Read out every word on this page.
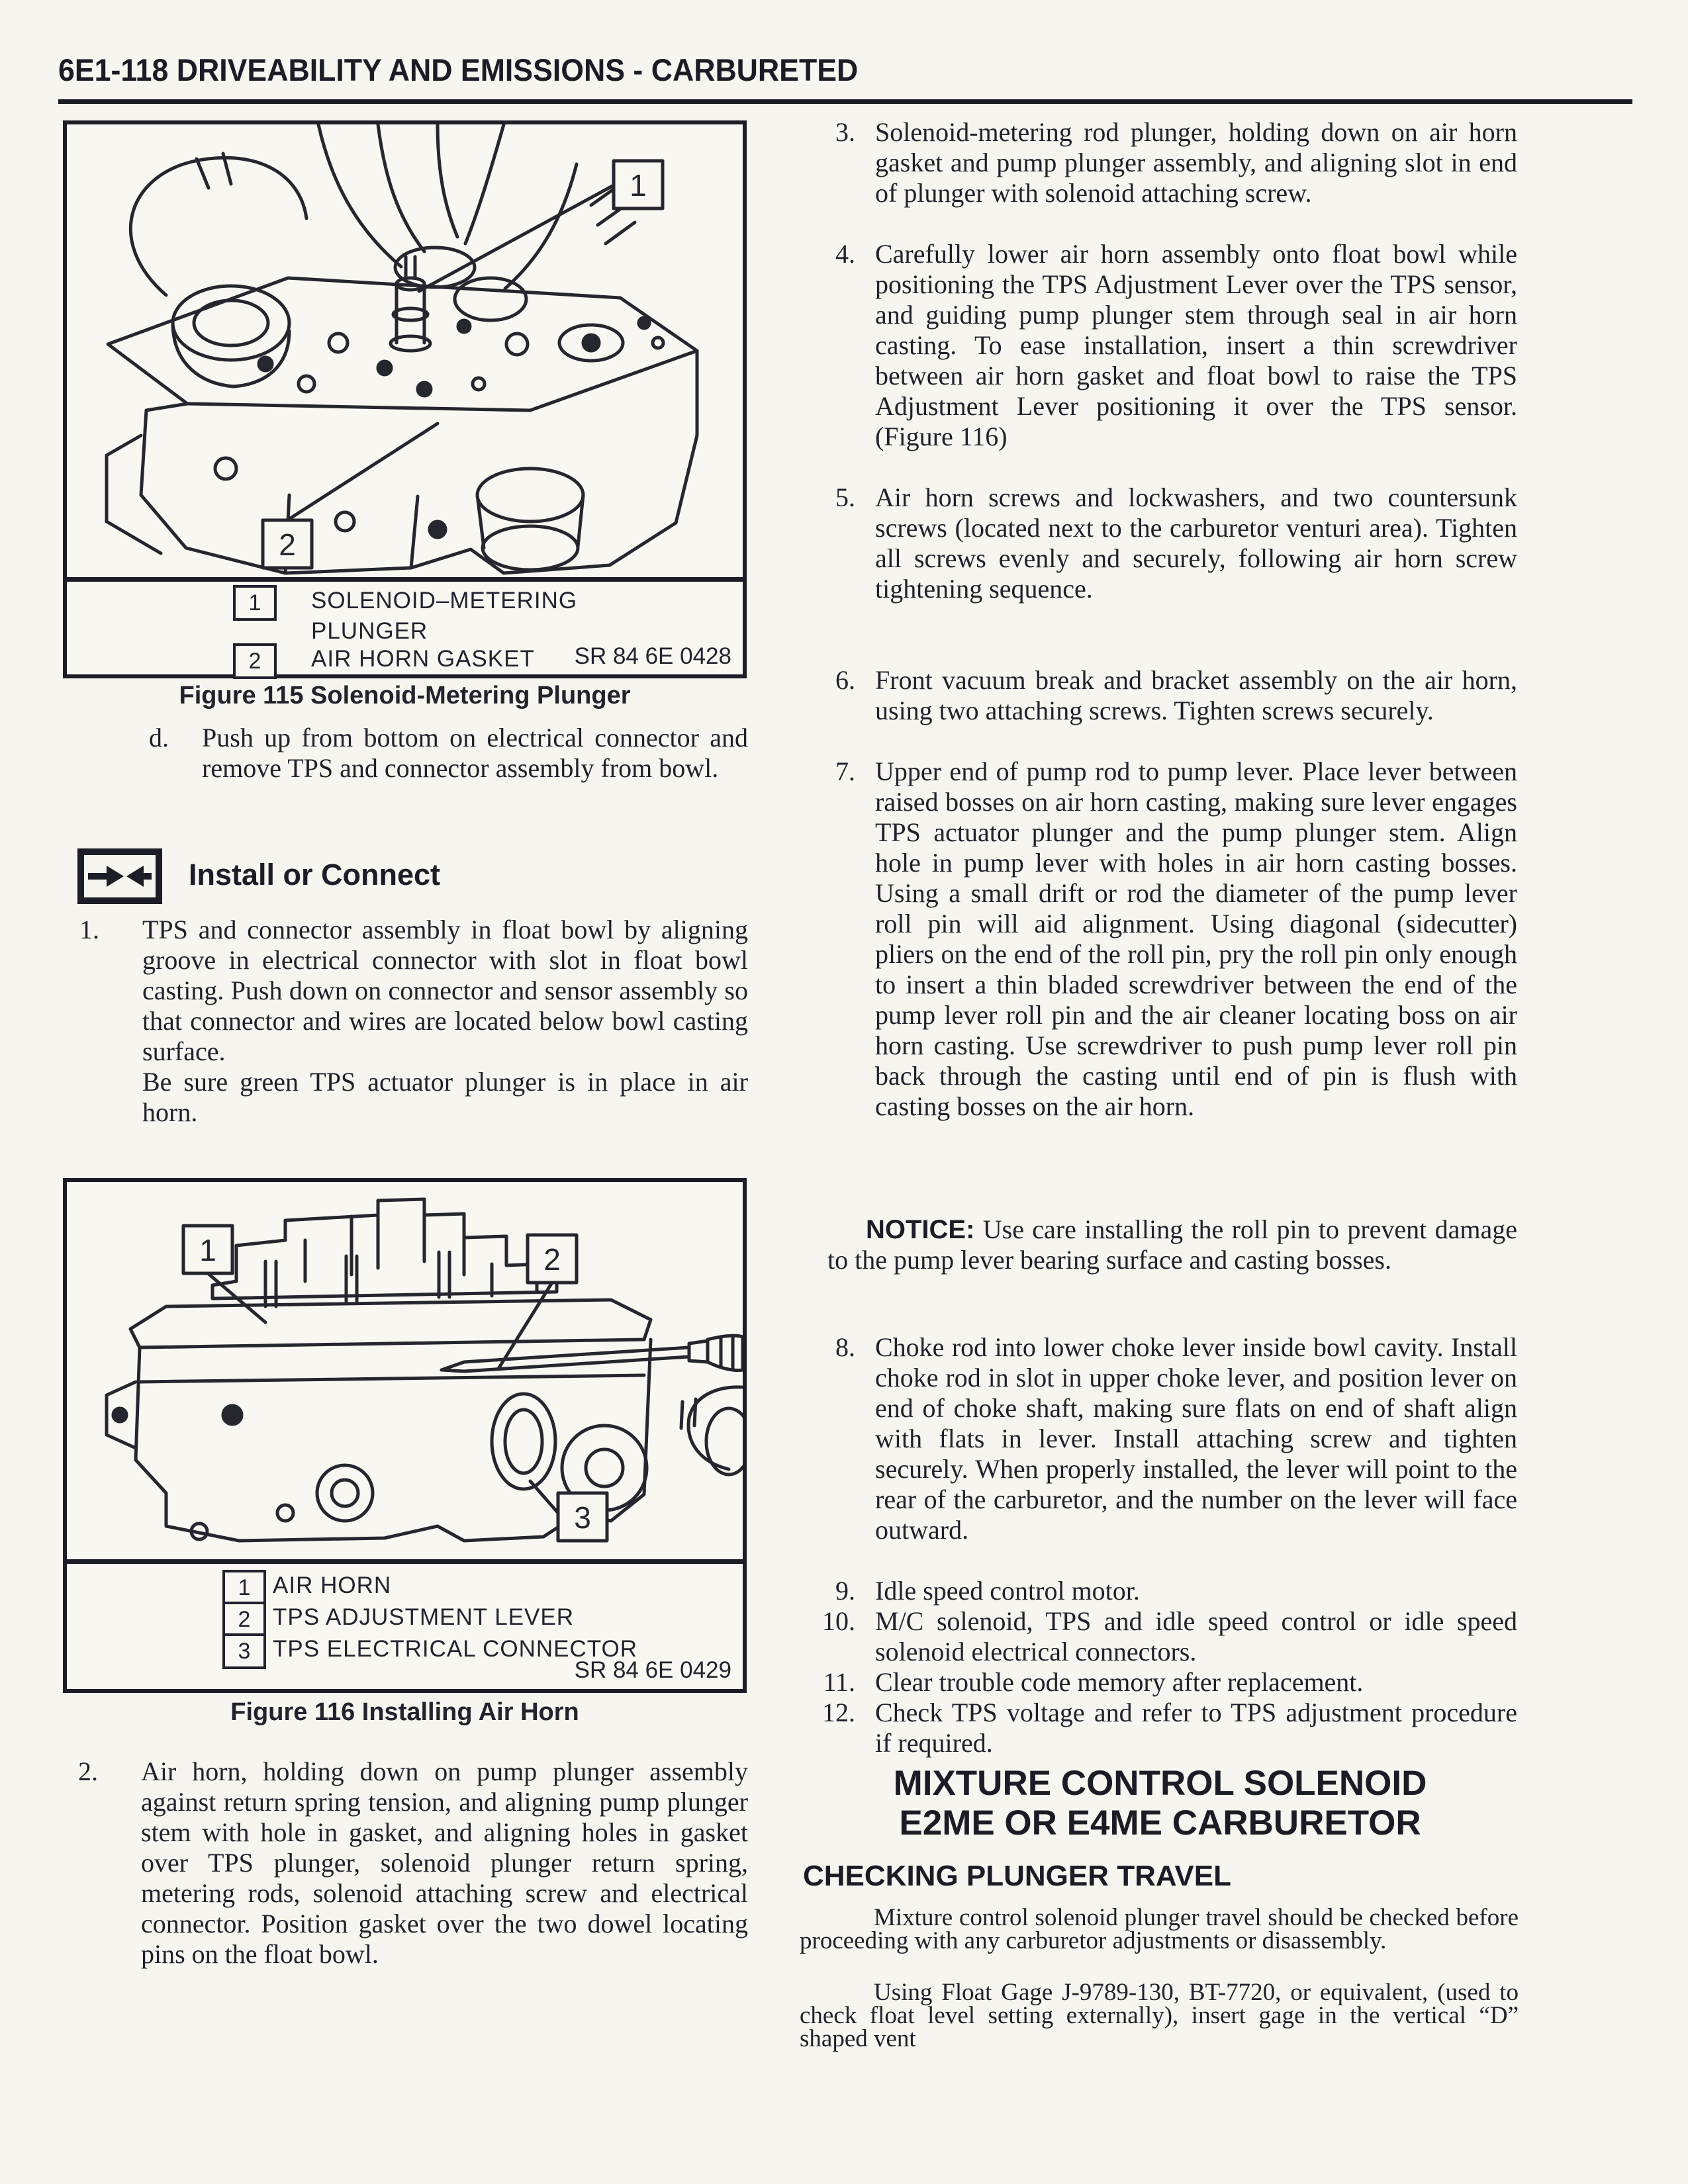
6E1-118 DRIVEABILITY AND EMISSIONS - CARBURETED
1
2
1	SOLENOID–METERING
PLUNGER
2	AIR HORN GASKET	SR 84 6E 0428
Figure 115 Solenoid-Metering Plunger
d.	Push up from bottom on electrical connector and remove TPS and connector assembly from bowl.
Install or Connect
1.	TPS and connector assembly in float bowl by aligning groove in electrical connector with slot in float bowl casting. Push down on connector and sensor assembly so that connector and wires are located below bowl casting surface.

Be sure green TPS actuator plunger is in place in air horn.

1	2
3
1 AIR HORN
2 TPS ADJUSTMENT LEVER
3 TPS ELECTRICAL CONNECTOR
SR 84 6E 0429
Figure 116 Installing Air Horn
2.	Air horn, holding down on pump plunger assembly against return spring tension, and aligning pump plunger stem with hole in gasket, and aligning holes in gasket over TPS plunger, solenoid plunger return spring, metering rods, solenoid attaching screw and electrical connector. Position gasket over the two dowel locating pins on the float bowl.
3. Solenoid-metering rod plunger, holding down on air horn gasket and pump plunger assembly, and aligning slot in end of plunger with solenoid attaching screw.
4. Carefully lower air horn assembly onto float bowl while positioning the TPS Adjustment Lever over the TPS sensor, and guiding pump plunger stem through seal in air horn casting. To ease installation, insert a thin screwdriver between air horn gasket and float bowl to raise the TPS Adjustment Lever positioning it over the TPS sensor. (Figure 116)
5. Air horn screws and lockwashers, and two countersunk screws (located next to the carburetor venturi area). Tighten all screws evenly and securely, following air horn screw tightening sequence.
6. Front vacuum break and bracket assembly on the air horn, using two attaching screws. Tighten screws securely.
7. Upper end of pump rod to pump lever. Place lever between raised bosses on air horn casting, making sure lever engages TPS actuator plunger and the pump plunger stem. Align hole in pump lever with holes in air horn casting bosses. Using a small drift or rod the diameter of the pump lever roll pin will aid alignment. Using diagonal (sidecutter) pliers on the end of the roll pin, pry the roll pin only enough to insert a thin bladed screwdriver between the end of the pump lever roll pin and the air cleaner locating boss on air horn casting. Use screwdriver to push pump lever roll pin back through the casting until end of pin is flush with casting bosses on the air horn.
NOTICE: Use care installing the roll pin to prevent damage to the pump lever bearing surface and casting bosses.
8. Choke rod into lower choke lever inside bowl cavity. Install choke rod in slot in upper choke lever, and position lever on end of choke shaft, making sure flats on end of shaft align with flats in lever. Install attaching screw and tighten securely. When properly installed, the lever will point to the rear of the carburetor, and the number on the lever will face outward.
9. Idle speed control motor.
10. M/C solenoid, TPS and idle speed control or idle speed solenoid electrical connectors.
11. Clear trouble code memory after replacement.
12. Check TPS voltage and refer to TPS adjustment procedure if required.
MIXTURE CONTROL SOLENOID
E2ME OR E4ME CARBURETOR
CHECKING PLUNGER TRAVEL
Mixture control solenoid plunger travel should be checked before proceeding with any carburetor adjustments or disassembly.
Using Float Gage J-9789-130, BT-7720, or equivalent, (used to check float level setting externally), insert gage in the vertical “D” shaped vent
